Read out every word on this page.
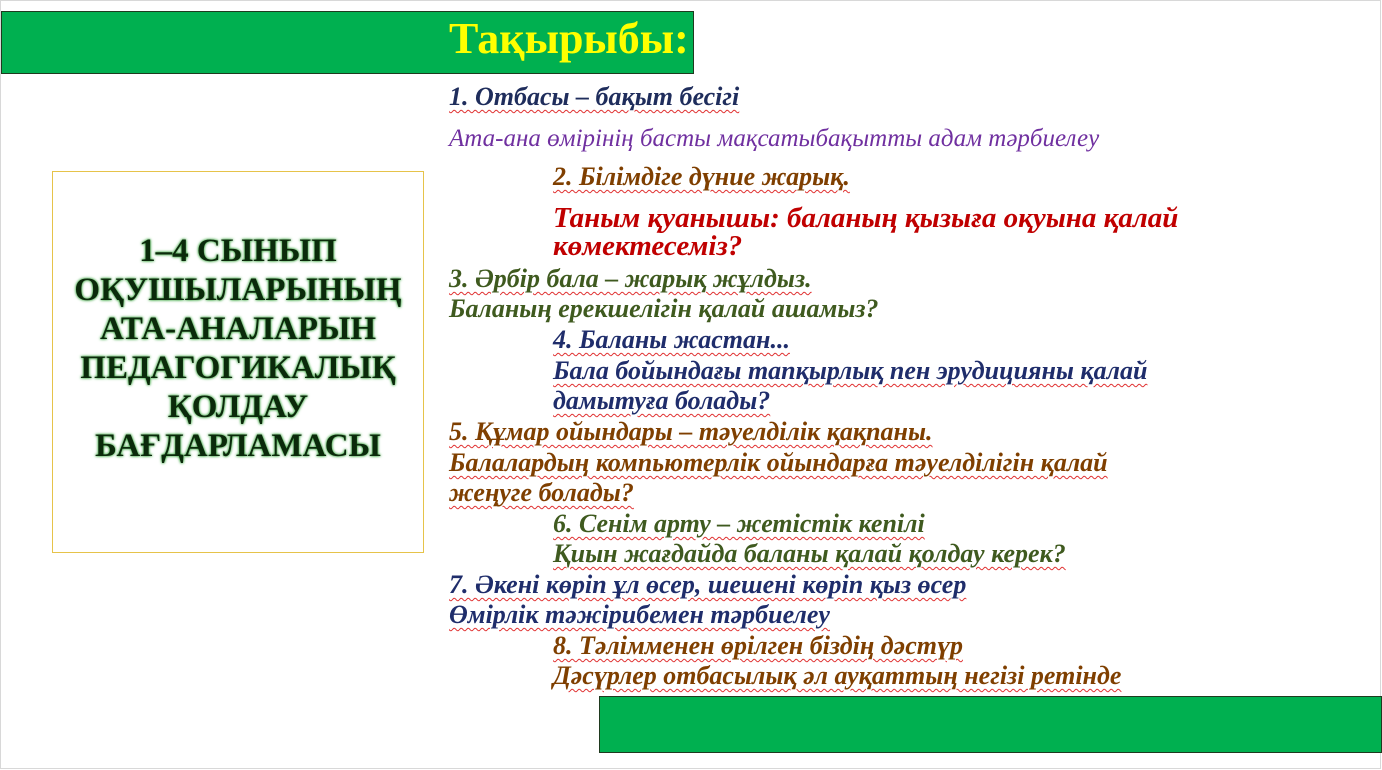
Тақырыбы:
1–4 СЫНЫП
ОҚУШЫЛАРЫНЫҢ
АТА-АНАЛАРЫН
ПЕДАГОГИКАЛЫҚ
ҚОЛДАУ
БАҒДАРЛАМАСЫ
1. Отбасы – бақыт бесігі
Ата-ана өмірінің басты мақсатыбақытты адам тәрбиелеу
2. Білімдіге дүние жарық.
Таным қуанышы: баланың қызыға оқуына қалай
көмектесеміз?
3. Әрбір бала – жарық жұлдыз.
Баланың ерекшелігін қалай ашамыз?
4. Баланы жастан...
Бала бойындағы тапқырлық пен эрудицияны қалай
дамытуға болады?
5. Құмар ойындары – тәуелділік қақпаны.
Балалардың компьютерлік ойындарға тәуелділігін қалай
жеңуге болады?
6. Сенім арту – жетістік кепілі
Қиын жағдайда баланы қалай қолдау керек?
7. Әкені көріп ұл өсер, шешені көріп қыз өсер
Өмірлік тәжірибемен тәрбиелеу
8. Тәлімменен өрілген біздің дәстүр
Дәсүрлер отбасылық әл ауқаттың негізі ретінде
